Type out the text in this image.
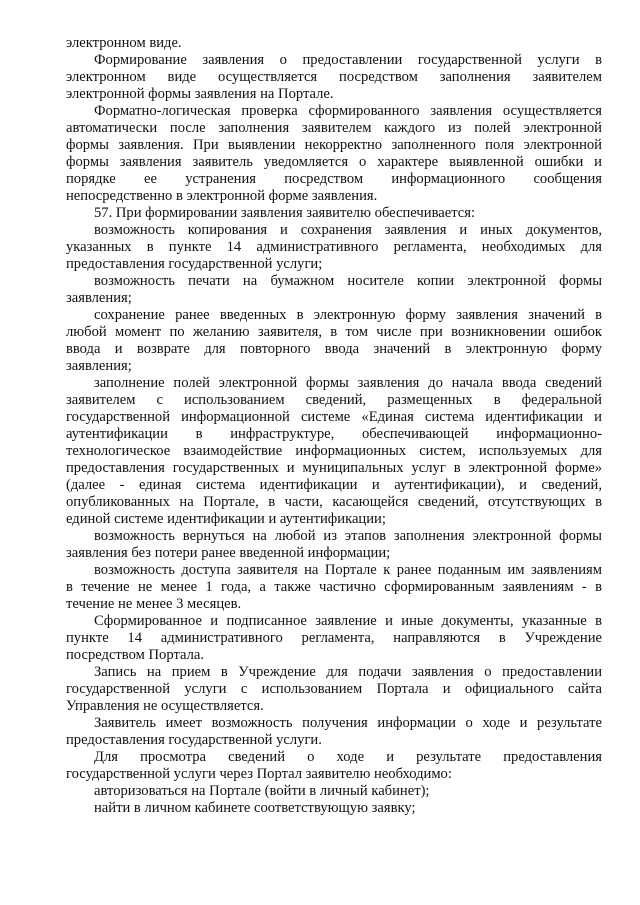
электронном виде.

Формирование заявления о предоставлении государственной услуги в

электронном виде осуществляется посредством заполнения заявителем

электронной формы заявления на Портале.

Форматно-логическая проверка сформированного заявления осуществляется

автоматически после заполнения заявителем каждого из полей электронной

формы заявления. При выявлении некорректно заполненного поля электронной

формы заявления заявитель уведомляется о характере выявленной ошибки и

порядке ее устранения посредством информационного сообщения

непосредственно в электронной форме заявления.

57. При формировании заявления заявителю обеспечивается:

возможность копирования и сохранения заявления и иных документов,

указанных в пункте 14 административного регламента, необходимых для

предоставления государственной услуги;

возможность печати на бумажном носителе копии электронной формы

заявления;

сохранение ранее введенных в электронную форму заявления значений в

любой момент по желанию заявителя, в том числе при возникновении ошибок

ввода и возврате для повторного ввода значений в электронную форму

заявления;

заполнение полей электронной формы заявления до начала ввода сведений

заявителем с использованием сведений, размещенных в федеральной

государственной информационной системе «Единая система идентификации и

аутентификации в инфраструктуре, обеспечивающей информационно-

технологическое взаимодействие информационных систем, используемых для

предоставления государственных и муниципальных услуг в электронной форме»

(далее - единая система идентификации и аутентификации), и сведений,

опубликованных на Портале, в части, касающейся сведений, отсутствующих в

единой системе идентификации и аутентификации;

возможность вернуться на любой из этапов заполнения электронной формы

заявления без потери ранее введенной информации;

возможность доступа заявителя на Портале к ранее поданным им заявлениям

в течение не менее 1 года, а также частично сформированным заявлениям - в

течение не менее 3 месяцев.

Сформированное и подписанное заявление и иные документы, указанные в

пункте 14 административного регламента, направляются в Учреждение

посредством Портала.

Запись на прием в Учреждение для подачи заявления о предоставлении

государственной услуги с использованием Портала и официального сайта

Управления не осуществляется.

Заявитель имеет возможность получения информации о ходе и результате

предоставления государственной услуги.

Для просмотра сведений о ходе и результате предоставления

государственной услуги через Портал заявителю необходимо:

авторизоваться на Портале (войти в личный кабинет);

найти в личном кабинете соответствующую заявку;
